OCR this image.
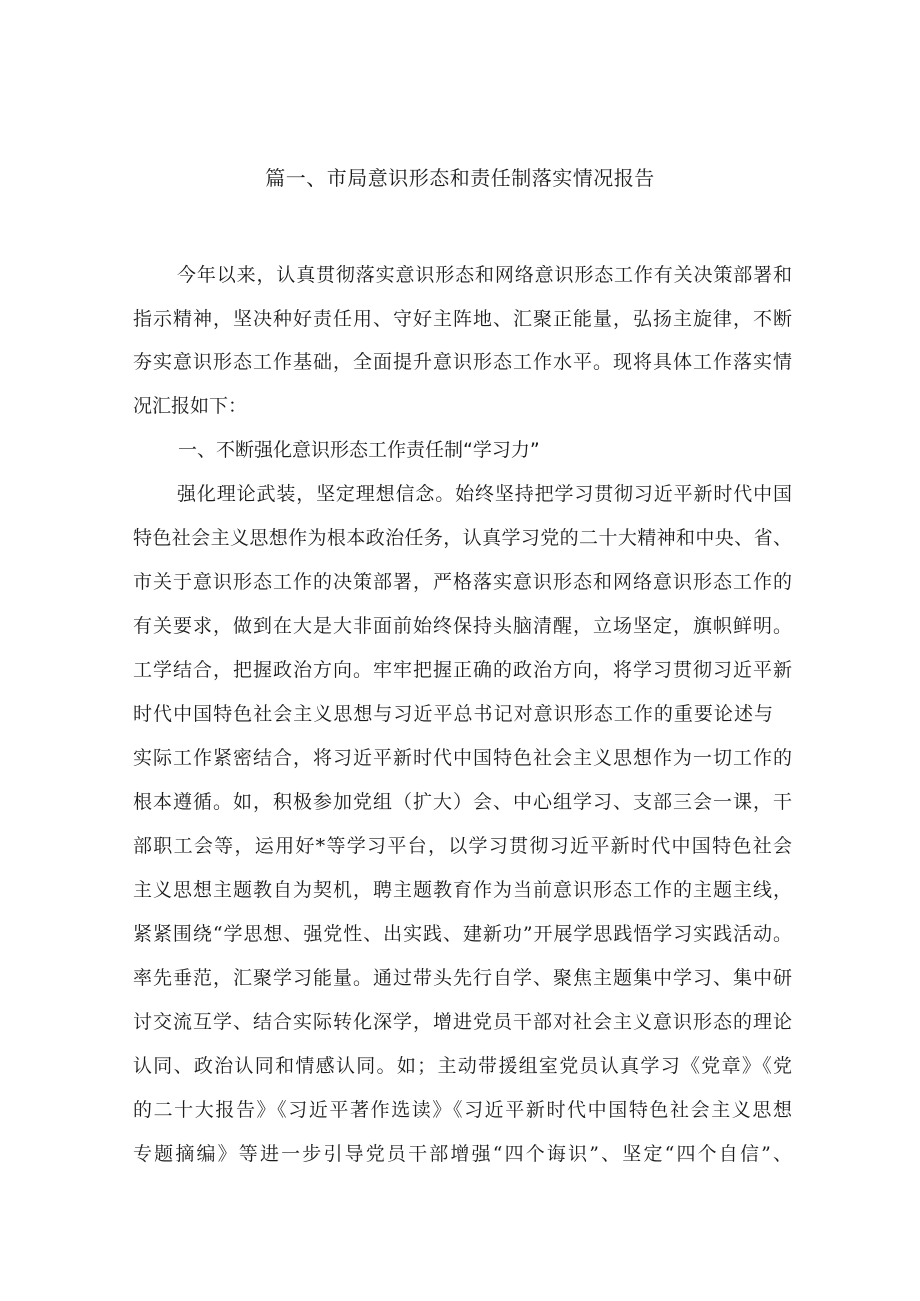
篇一、市局意识形态和责任制落实情况报告

今年以来，认真贯彻落实意识形态和网络意识形态工作有关决策部署和

指示精神，坚决种好责任用、守好主阵地、汇聚正能量，弘扬主旋律，不断

夯实意识形态工作基础，全面提升意识形态工作水平。现将具体工作落实情

况汇报如下：

一、不断强化意识形态工作责任制“学习力”

强化理论武装，坚定理想信念。始终坚持把学习贯彻习近平新时代中国

特色社会主义思想作为根本政治任务，认真学习党的二十大精神和中央、省、

市关于意识形态工作的决策部署，严格落实意识形态和网络意识形态工作的

有关要求，做到在大是大非面前始终保持头脑清醒，立场坚定，旗帜鲜明。

工学结合，把握政治方向。牢牢把握正确的政治方向，将学习贯彻习近平新

时代中国特色社会主义思想与习近平总书记对意识形态工作的重要论述与

实际工作紧密结合，将习近平新时代中国特色社会主义思想作为一切工作的

根本遵循。如，积极参加党组（扩大）会、中心组学习、支部三会一课，干

部职工会等，运用好*等学习平台，以学习贯彻习近平新时代中国特色社会

主义思想主题教自为契机，聘主题教育作为当前意识形态工作的主题主线，

紧紧围绕“学思想、强党性、出实践、建新功”开展学思践悟学习实践活动。

率先垂范，汇聚学习能量。通过带头先行自学、聚焦主题集中学习、集中研

讨交流互学、结合实际转化深学，增进党员干部对社会主义意识形态的理论

认同、政治认同和情感认同。如；主动带援组室党员认真学习《党章》《党

的二十大报告》《习近平著作选读》《习近平新时代中国特色社会主义思想

专题摘编》等进一步引导党员干部增强“四个诲识”、坚定“四个自信”、
